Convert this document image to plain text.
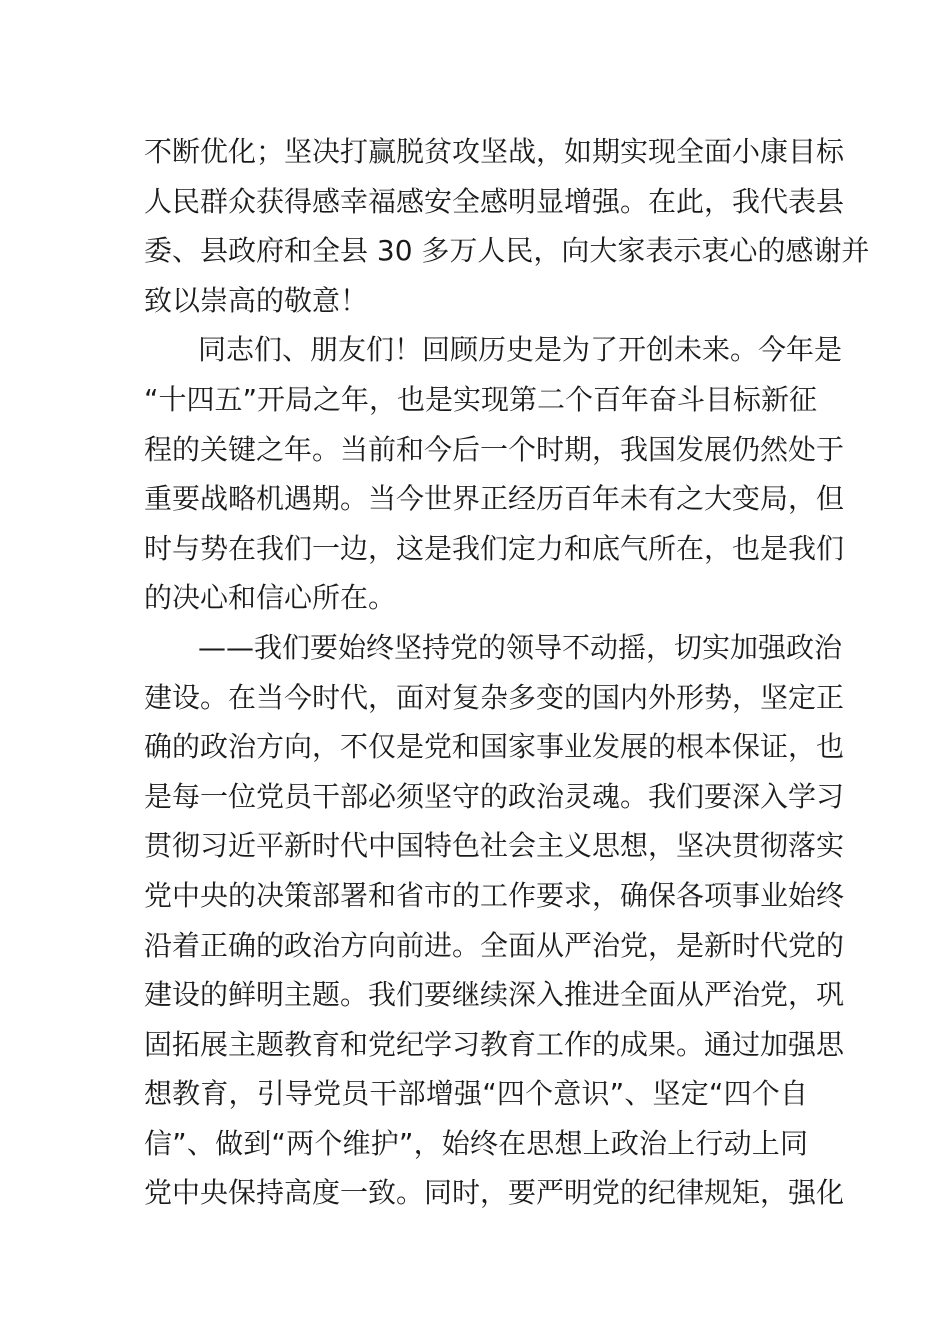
不断优化；坚决打赢脱贫攻坚战，如期实现全面小康目标
人民群众获得感幸福感安全感明显增强。在此，我代表县
委、县政府和全县 30 多万人民，向大家表示衷心的感谢并
致以崇高的敬意！
同志们、朋友们！回顾历史是为了开创未来。今年是
“十四五”开局之年，也是实现第二个百年奋斗目标新征
程的关键之年。当前和今后一个时期，我国发展仍然处于
重要战略机遇期。当今世界正经历百年未有之大变局，但
时与势在我们一边，这是我们定力和底气所在，也是我们
的决心和信心所在。
——我们要始终坚持党的领导不动摇，切实加强政治
建设。在当今时代，面对复杂多变的国内外形势，坚定正
确的政治方向，不仅是党和国家事业发展的根本保证，也
是每一位党员干部必须坚守的政治灵魂。我们要深入学习
贯彻习近平新时代中国特色社会主义思想，坚决贯彻落实
党中央的决策部署和省市的工作要求，确保各项事业始终
沿着正确的政治方向前进。全面从严治党，是新时代党的
建设的鲜明主题。我们要继续深入推进全面从严治党，巩
固拓展主题教育和党纪学习教育工作的成果。通过加强思
想教育，引导党员干部增强“四个意识”、坚定“四个自
信”、做到“两个维护”，始终在思想上政治上行动上同
党中央保持高度一致。同时，要严明党的纪律规矩，强化
